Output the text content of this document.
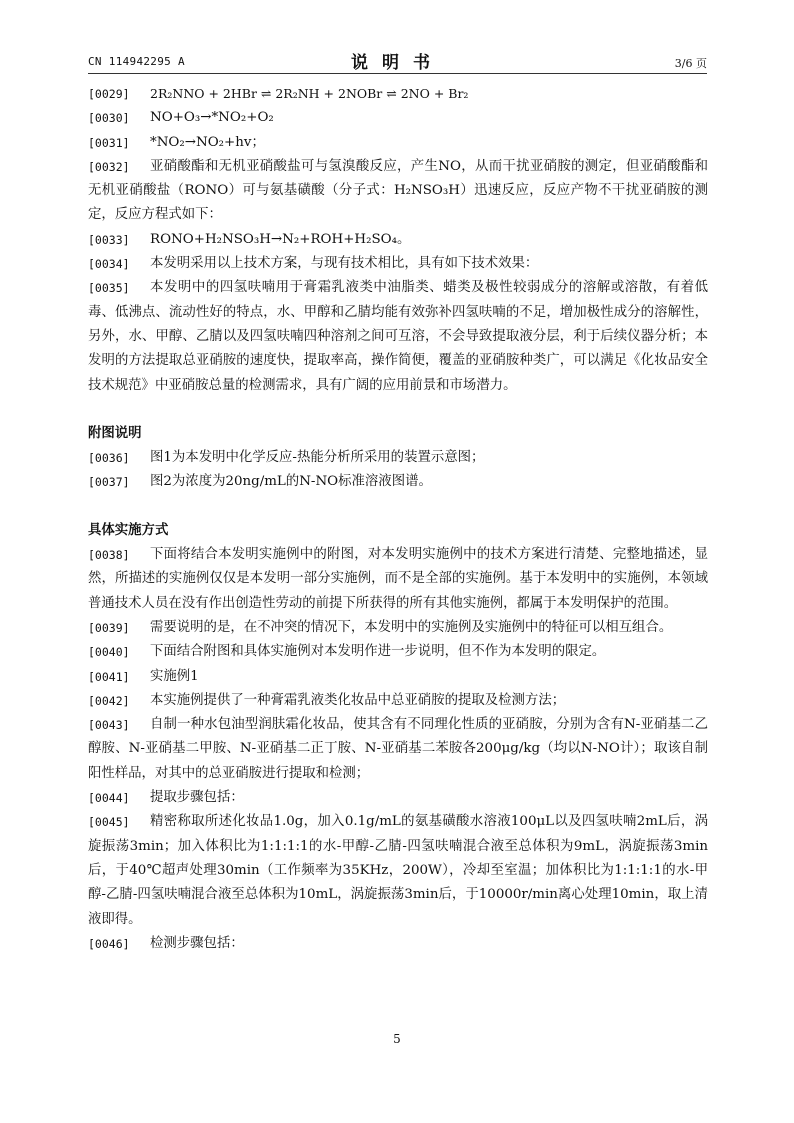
CN 114942295 A	说明书	3/6 页
[0029]	2R₂NNO + 2HBr ⇌ 2R₂NH + 2NOBr ⇌ 2NO + Br₂
[0030]	NO+O₃→*NO₂+O₂
[0031]	*NO₂→NO₂+hv；
[0032]	亚硝酸酯和无机亚硝酸盐可与氢溴酸反应，产生NO，从而干扰亚硝胺的测定，但亚硝酸酯和无机亚硝酸盐（RONO）可与氨基磺酸（分子式：H₂NSO₃H）迅速反应，反应产物不干扰亚硝胺的测定，反应方程式如下：
[0033]	RONO+H₂NSO₃H→N₂+ROH+H₂SO₄。
[0034]	本发明采用以上技术方案，与现有技术相比，具有如下技术效果：
[0035]	本发明中的四氢呋喃用于膏霜乳液类中油脂类、蜡类及极性较弱成分的溶解或溶散，有着低毒、低沸点、流动性好的特点，水、甲醇和乙腈均能有效弥补四氢呋喃的不足，增加极性成分的溶解性，另外，水、甲醇、乙腈以及四氢呋喃四种溶剂之间可互溶，不会导致提取液分层，利于后续仪器分析；本发明的方法提取总亚硝胺的速度快，提取率高，操作简便，覆盖的亚硝胺种类广，可以满足《化妆品安全技术规范》中亚硝胺总量的检测需求，具有广阔的应用前景和市场潜力。
附图说明
[0036]	图1为本发明中化学反应-热能分析所采用的装置示意图；
[0037]	图2为浓度为20ng/mL的N-NO标准溶液图谱。
具体实施方式
[0038]	下面将结合本发明实施例中的附图，对本发明实施例中的技术方案进行清楚、完整地描述，显然，所描述的实施例仅仅是本发明一部分实施例，而不是全部的实施例。基于本发明中的实施例，本领域普通技术人员在没有作出创造性劳动的前提下所获得的所有其他实施例，都属于本发明保护的范围。
[0039]	需要说明的是，在不冲突的情况下，本发明中的实施例及实施例中的特征可以相互组合。
[0040]	下面结合附图和具体实施例对本发明作进一步说明，但不作为本发明的限定。
[0041]	实施例1
[0042]	本实施例提供了一种膏霜乳液类化妆品中总亚硝胺的提取及检测方法；
[0043]	自制一种水包油型润肤霜化妆品，使其含有不同理化性质的亚硝胺，分别为含有N-亚硝基二乙醇胺、N-亚硝基二甲胺、N-亚硝基二正丁胺、N-亚硝基二苯胺各200μg/kg（均以N-NO计）；取该自制阳性样品，对其中的总亚硝胺进行提取和检测；
[0044]	提取步骤包括：
[0045]	精密称取所述化妆品1.0g，加入0.1g/mL的氨基磺酸水溶液100μL以及四氢呋喃2mL后，涡旋振荡3min；加入体积比为1:1:1:1的水-甲醇-乙腈-四氢呋喃混合液至总体积为9mL，涡旋振荡3min后，于40℃超声处理30min（工作频率为35KHz，200W），冷却至室温；加体积比为1:1:1:1的水-甲醇-乙腈-四氢呋喃混合液至总体积为10mL，涡旋振荡3min后，于10000r/min离心处理10min，取上清液即得。
[0046]	检测步骤包括：
5
